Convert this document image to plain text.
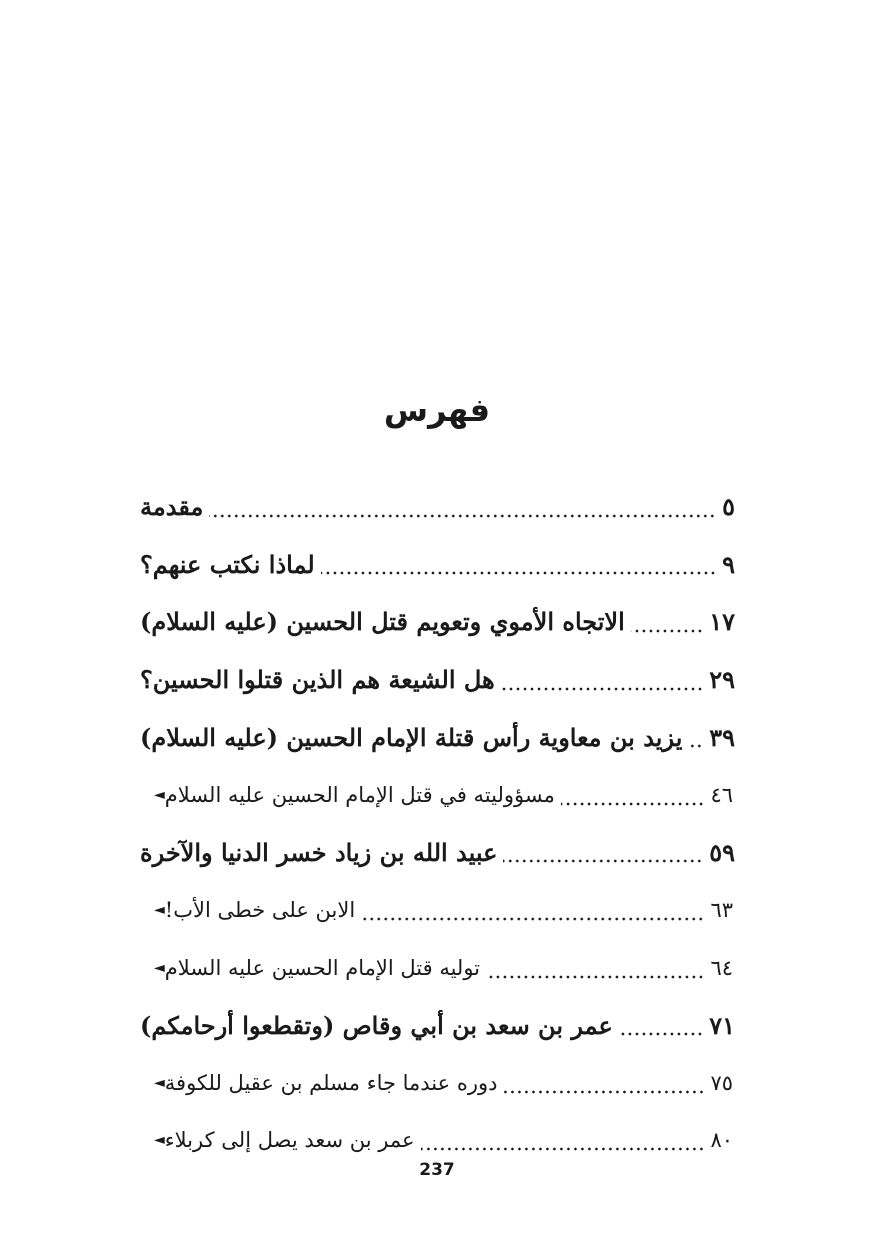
فهرس
مقدمة	٥
لماذا نكتب عنهم؟	٩
الاتجاه الأموي وتعويم قتل الحسين (عليه السلام)	١٧
هل الشيعة هم الذين قتلوا الحسين؟	٢٩
يزيد بن معاوية رأس قتلة الإمام الحسين (عليه السلام) ٣٩
◄ مسؤوليته في قتل الإمام الحسين عليه السلام	٤٦
عبيد الله بن زياد خسر الدنيا والآخرة	٥٩
◄ الابن على خطى الأب!	٦٣
◄ توليه قتل الإمام الحسين عليه السلام	٦٤
عمر بن سعد بن أبي وقاص (وتقطعوا أرحامكم)	٧١
◄ دوره عندما جاء مسلم بن عقيل للكوفة	٧٥
◄ عمر بن سعد يصل إلى كربلاء	٨٠
237
